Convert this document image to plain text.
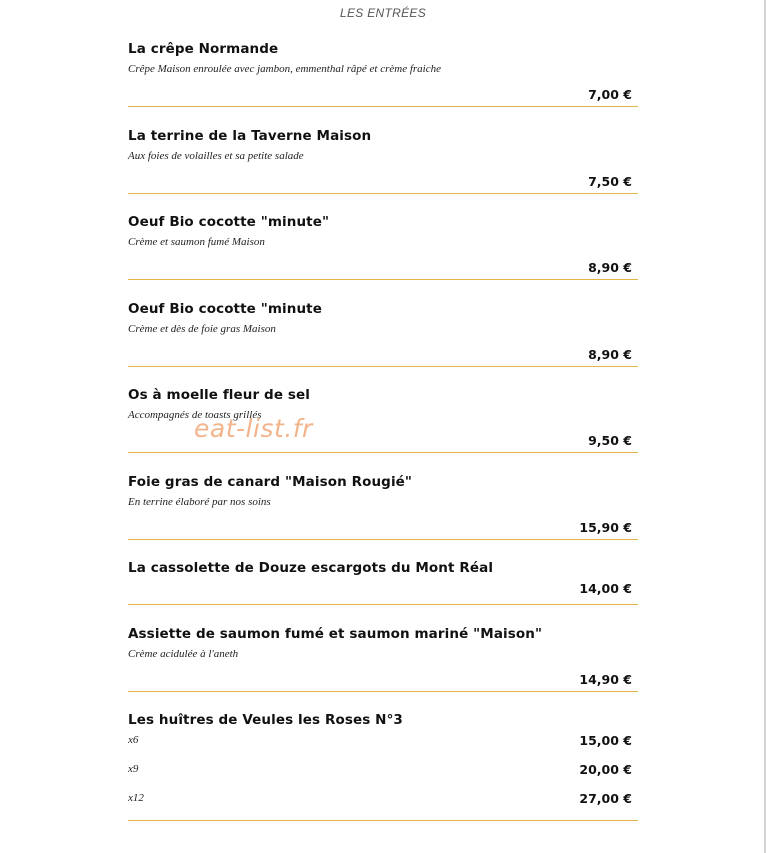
LES ENTRÉES
La crêpe Normande
Crêpe Maison enroulée avec jambon, emmenthal râpé et crème fraiche
7,00 €
La terrine de la Taverne Maison
Aux foies de volailles et sa petite salade
7,50 €
Oeuf Bio cocotte "minute"
Crème et saumon fumé Maison
8,90 €
Oeuf Bio cocotte "minute
Crème et dès de foie gras Maison
8,90 €
Os à moelle fleur de sel
Accompagnés de toasts grillés
9,50 €
Foie gras de canard "Maison Rougié"
En terrine élaboré par nos soins
15,90 €
La cassolette de Douze escargots du Mont Réal
14,00 €
Assiette de saumon fumé et saumon mariné "Maison"
Crème acidulée à l'aneth
14,90 €
Les huîtres de Veules les Roses N°3
x6	15,00 €
x9	20,00 €
x12	27,00 €
eat-list.fr
